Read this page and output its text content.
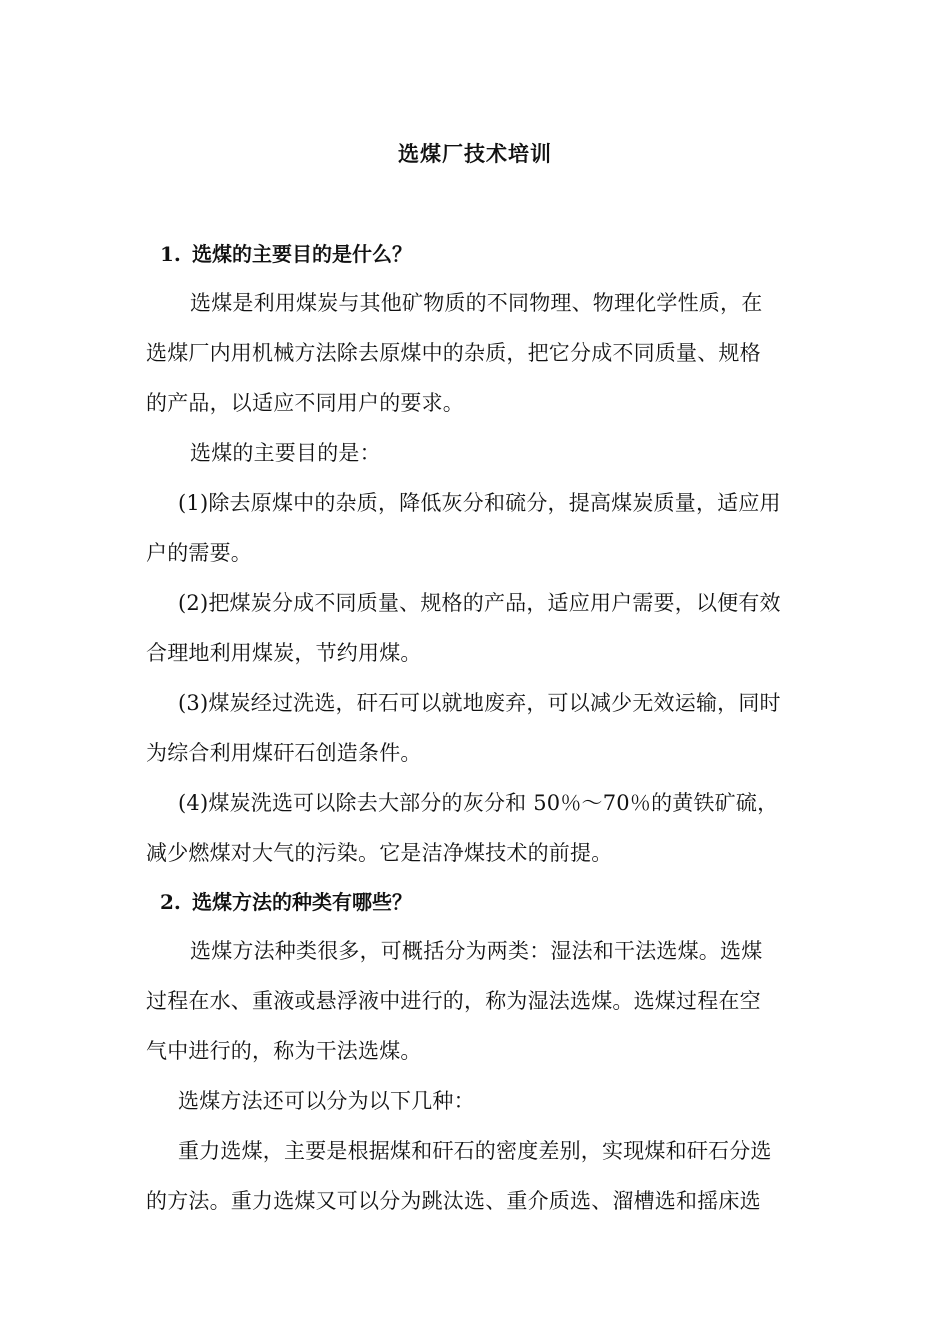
选煤厂技术培训
1. 选煤的主要目的是什么？
选煤是利用煤炭与其他矿物质的不同物理、物理化学性质，在
选煤厂内用机械方法除去原煤中的杂质，把它分成不同质量、规格
的产品，以适应不同用户的要求。
选煤的主要目的是：
(1)除去原煤中的杂质，降低灰分和硫分，提高煤炭质量，适应用
户的需要。
(2)把煤炭分成不同质量、规格的产品，适应用户需要，以便有效
合理地利用煤炭，节约用煤。
(3)煤炭经过洗选，矸石可以就地废弃，可以减少无效运输，同时
为综合利用煤矸石创造条件。
(4)煤炭洗选可以除去大部分的灰分和 50％～70％的黄铁矿硫，
减少燃煤对大气的污染。它是洁净煤技术的前提。
2. 选煤方法的种类有哪些？
选煤方法种类很多，可概括分为两类：湿法和干法选煤。选煤
过程在水、重液或悬浮液中进行的，称为湿法选煤。选煤过程在空
气中进行的，称为干法选煤。
选煤方法还可以分为以下几种：
重力选煤，主要是根据煤和矸石的密度差别，实现煤和矸石分选
的方法。重力选煤又可以分为跳汰选、重介质选、溜槽选和摇床选
